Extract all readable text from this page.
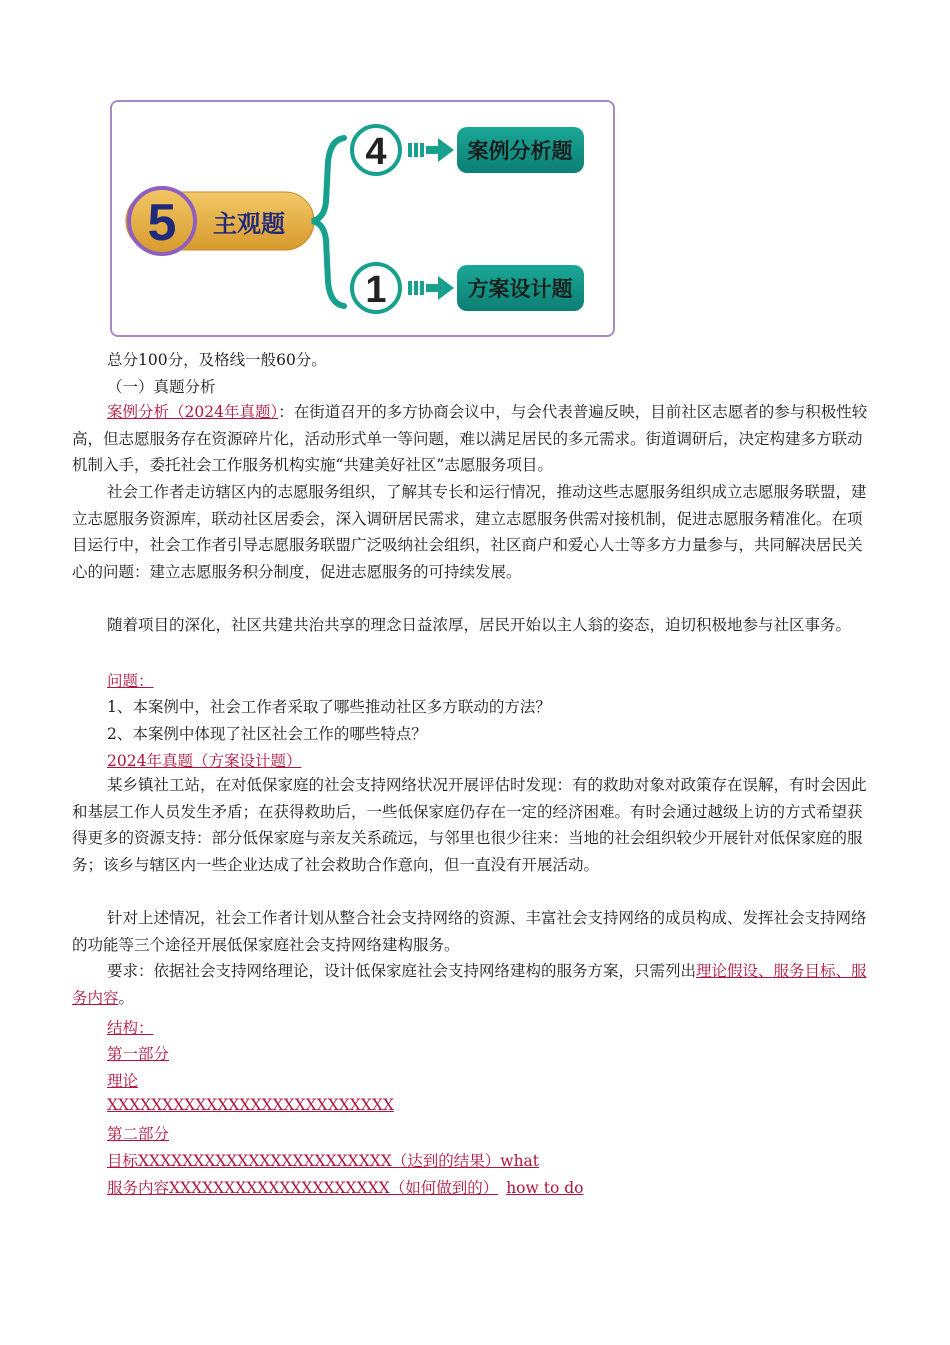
5 主观题
4	案例分析题
1	方案设计题
总分100分，及格线一般60分。
（一）真题分析
案例分析（2024年真题）：在街道召开的多方协商会议中，与会代表普遍反映，目前社区志愿者的参与积极性较高，但志愿服务存在资源碎片化，活动形式单一等问题，难以满足居民的多元需求。街道调研后，决定构建多方联动机制入手，委托社会工作服务机构实施“共建美好社区”志愿服务项目。
社会工作者走访辖区内的志愿服务组织，了解其专长和运行情况，推动这些志愿服务组织成立志愿服务联盟，建立志愿服务资源库，联动社区居委会，深入调研居民需求，建立志愿服务供需对接机制，促进志愿服务精准化。在项目运行中，社会工作者引导志愿服务联盟广泛吸纳社会组织，社区商户和爱心人士等多方力量参与，共同解决居民关心的问题：建立志愿服务积分制度，促进志愿服务的可持续发展。
随着项目的深化，社区共建共治共享的理念日益浓厚，居民开始以主人翁的姿态，迫切积极地参与社区事务。
问题：
1、本案例中，社会工作者采取了哪些推动社区多方联动的方法？
2、本案例中体现了社区社会工作的哪些特点？
2024年真题（方案设计题）
某乡镇社工站，在对低保家庭的社会支持网络状况开展评估时发现：有的救助对象对政策存在误解，有时会因此和基层工作人员发生矛盾；在获得救助后，一些低保家庭仍存在一定的经济困难。有时会通过越级上访的方式希望获得更多的资源支持：部分低保家庭与亲友关系疏远，与邻里也很少往来：当地的社会组织较少开展针对低保家庭的服务；该乡与辖区内一些企业达成了社会救助合作意向，但一直没有开展活动。
针对上述情况，社会工作者计划从整合社会支持网络的资源、丰富社会支持网络的成员构成、发挥社会支持网络的功能等三个途径开展低保家庭社会支持网络建构服务。
要求：依据社会支持网络理论，设计低保家庭社会支持网络建构的服务方案，只需列出理论假设、服务目标、服务内容。
结构：
第一部分
理论
XXXXXXXXXXXXXXXXXXXXXXXXXX
第二部分
目标XXXXXXXXXXXXXXXXXXXXXXX（达到的结果）what
服务内容XXXXXXXXXXXXXXXXXXXX（如何做到的） how to do
